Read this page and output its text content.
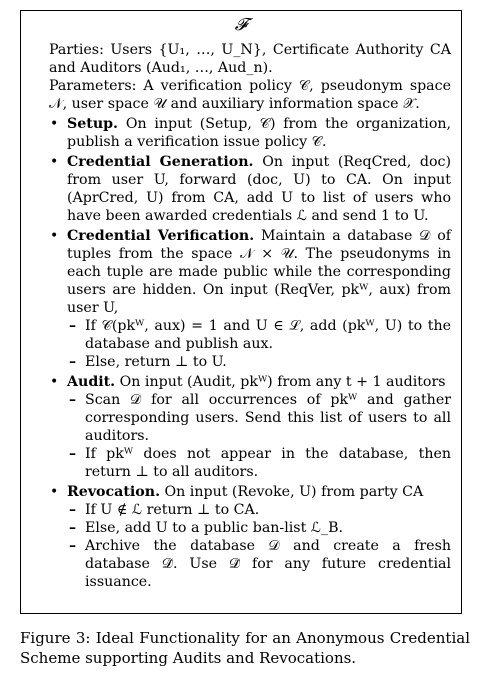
𝓕

Parties: Users {U₁, …, U_N}, Certificate Authority CA and Auditors (Aud₁, …, Aud_n).

Parameters: A verification policy 𝒞, pseudonym space 𝒩, user space 𝒰 and auxiliary information space 𝒳.

• Setup. On input (Setup, 𝒞) from the organization, publish a verification issue policy 𝒞.
• Credential Generation. On input (ReqCred, doc) from user U, forward (doc, U) to CA. On input (AprCred, U) from CA, add U to list of users who have been awarded credentials ℒ and send 1 to U.
• Credential Verification. Maintain a database 𝒟 of tuples from the space 𝒩 × 𝒰. The pseudonyms in each tuple are made public while the corresponding users are hidden. On input (ReqVer, pkᵂ, aux) from user U,
– If 𝒞(pkᵂ, aux) = 1 and U ∈ ℒ, add (pkᵂ, U) to the database and publish aux.
– Else, return ⊥ to U.
• Audit. On input (Audit, pkᵂ) from any t + 1 auditors
– Scan 𝒟 for all occurrences of pkᵂ and gather corresponding users. Send this list of users to all auditors.
– If pkᵂ does not appear in the database, then return ⊥ to all auditors.
• Revocation. On input (Revoke, U) from party CA
– If U ∉ ℒ return ⊥ to CA.
– Else, add U to a public ban-list ℒ_B.
– Archive the database 𝒟 and create a fresh database 𝒟̃. Use 𝒟̃ for any future credential issuance.
Figure 3: Ideal Functionality for an Anonymous Credential Scheme supporting Audits and Revocations.
